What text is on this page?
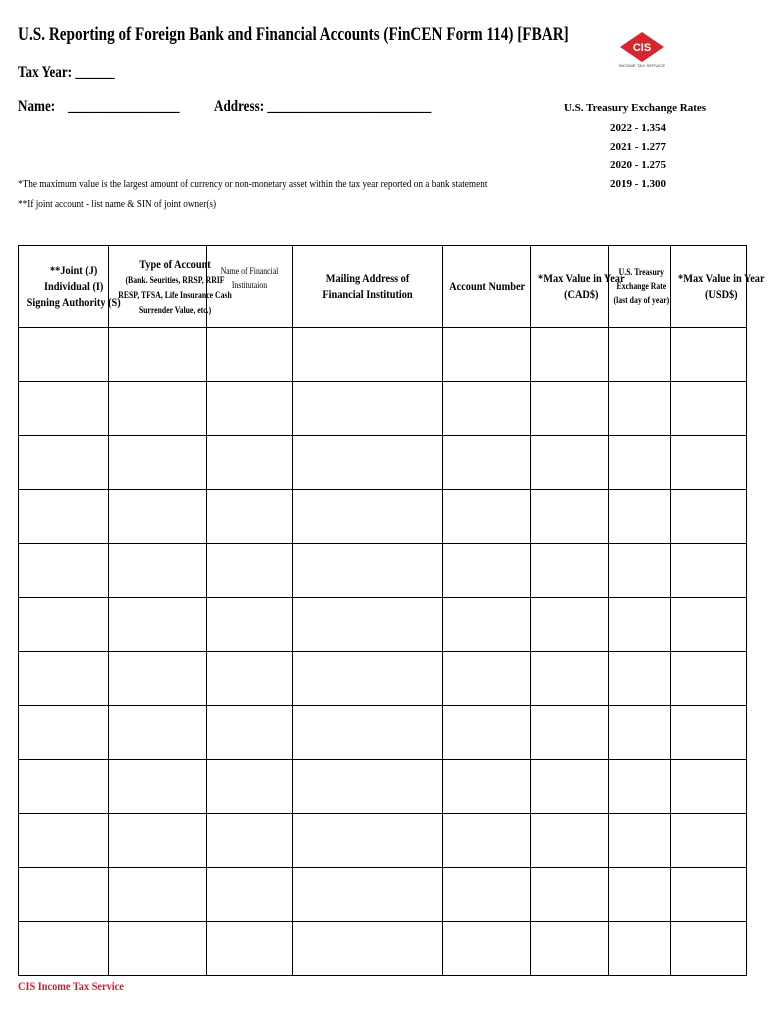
U.S. Reporting of Foreign Bank and Financial Accounts (FinCEN Form 114) [FBAR]
CIS
INCOME TAX SERVICE
Tax Year: ______
Name: _________________ Address: _________________________	U.S. Treasury Exchange Rates
2022 - 1.354
2021 - 1.277
2020 - 1.275
2019 - 1.300
*The maximum value is the largest amount of currency or non-monetary asset within the tax year reported on a bank statement
**If joint account - list name & SIN of joint owner(s)
**Joint (J)
Individual (I)
Signing Authority (S)	Type of Account
(Bank. Seurities, RRSP, RRIF
RESP, TFSA, Life Insurance Cash
Surrender Value, etc.)	Name of Financial
Institutaion	Mailing Address of
Financial Institution	Account Number	*Max Value in Year
(CAD$)	U.S. Treasury
Exchange Rate
(last day of year)	*Max Value in Year
(USD$)

CIS Income Tax Service
